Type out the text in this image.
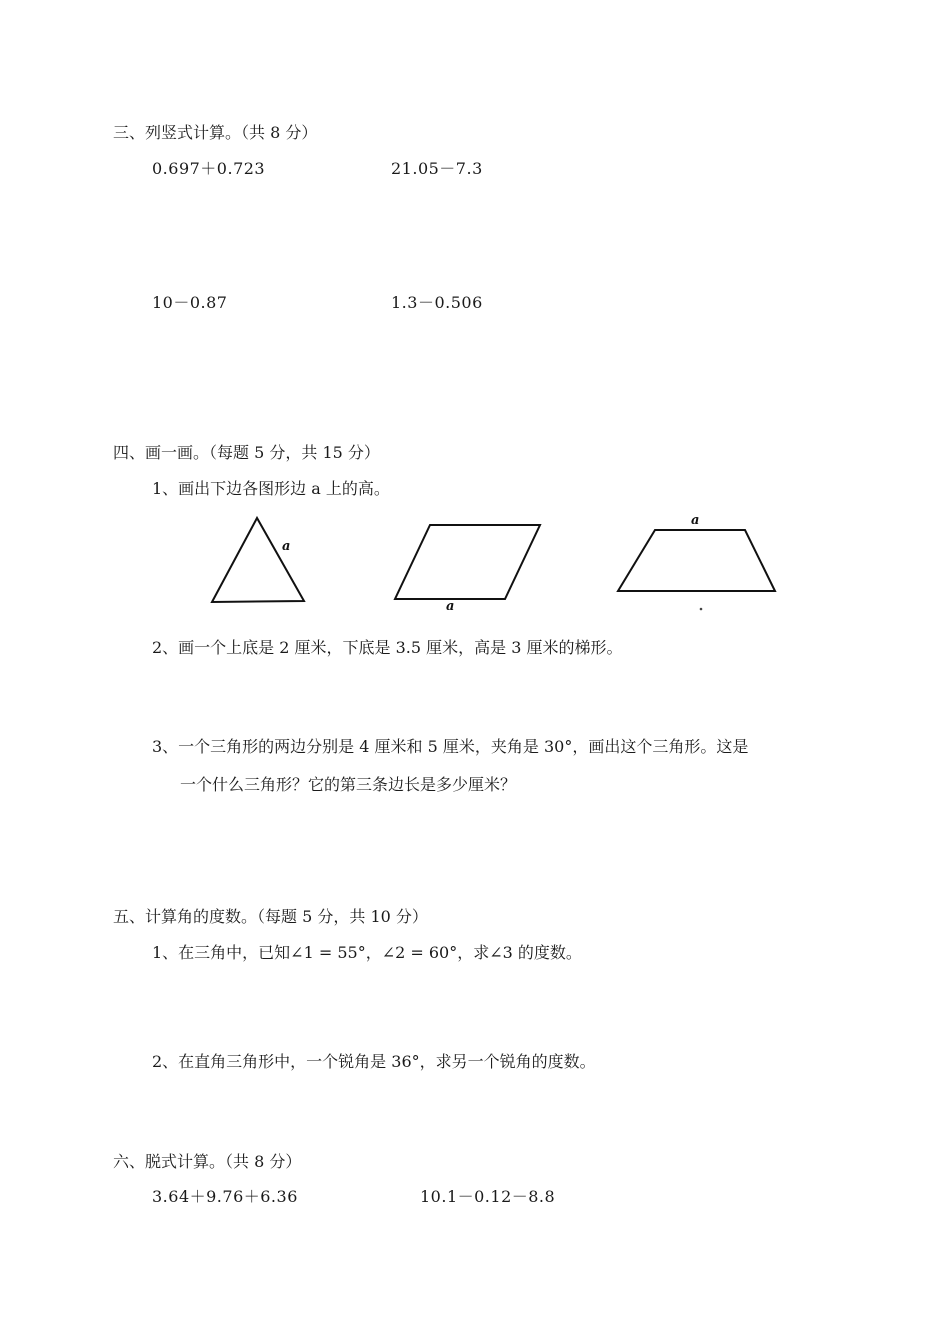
三、列竖式计算。（共 8 分）
0.697＋0.723	21.05－7.3
10－0.87	1.3－0.506
四、画一画。（每题 5 分，共 15 分）
1、画出下边各图形边 a 上的高。
a
a
a
2、画一个上底是 2 厘米，下底是 3.5 厘米，高是 3 厘米的梯形。
3、一个三角形的两边分别是 4 厘米和 5 厘米，夹角是 30°，画出这个三角形。这是
一个什么三角形？它的第三条边长是多少厘米？
五、计算角的度数。（每题 5 分，共 10 分）
1、在三角中，已知∠1 = 55°，∠2 = 60°，求∠3 的度数。
2、在直角三角形中，一个锐角是 36°，求另一个锐角的度数。
六、脱式计算。（共 8 分）
3.64＋9.76＋6.36	10.1－0.12－8.8
